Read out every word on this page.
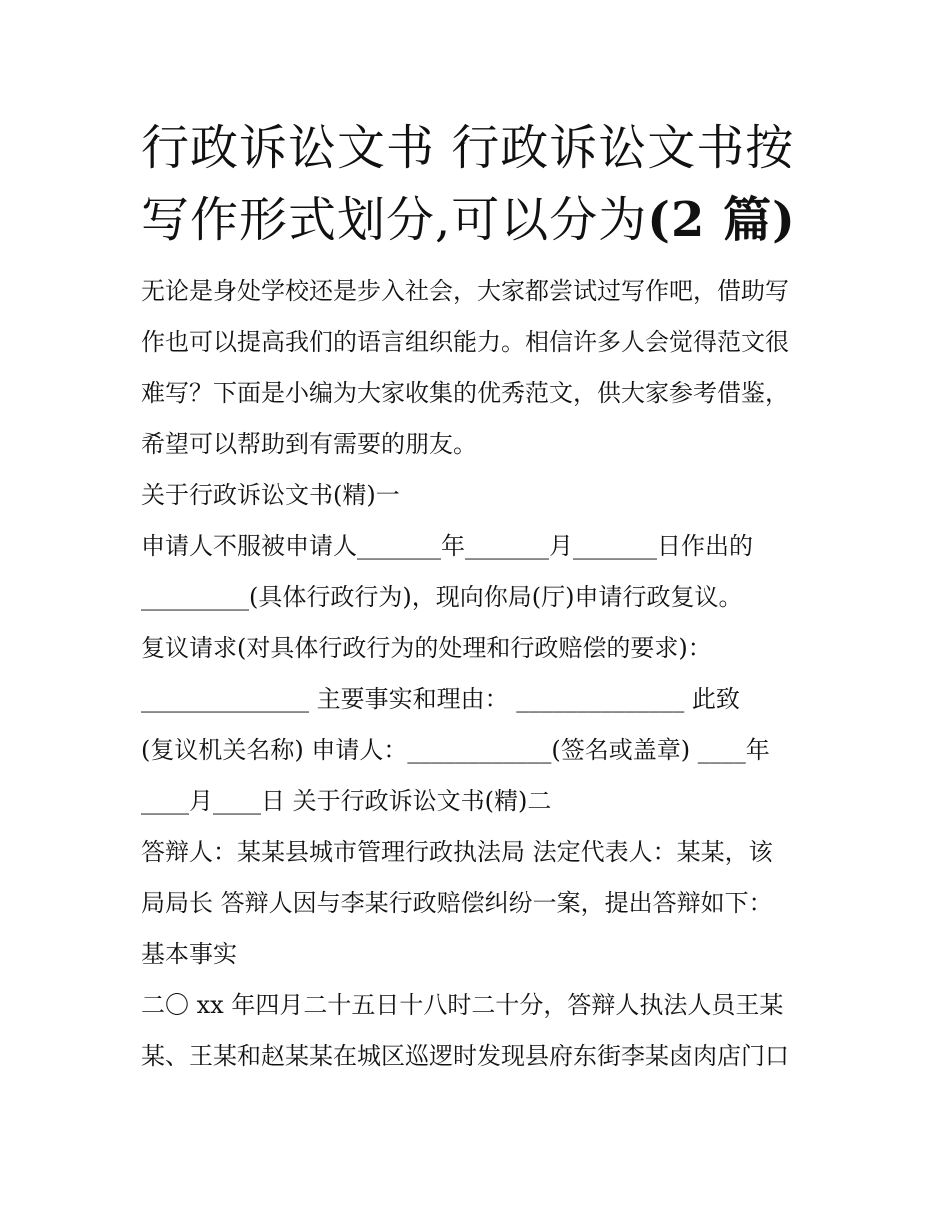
行政诉讼文书 行政诉讼文书按
写作形式划分,可以分为(2 篇)
无论是身处学校还是步入社会，大家都尝试过写作吧，借助写
作也可以提高我们的语言组织能力。相信许多人会觉得范文很
难写？下面是小编为大家收集的优秀范文，供大家参考借鉴，
希望可以帮助到有需要的朋友。
关于行政诉讼文书(精)一
申请人不服被申请人_______年_______月_______日作出的
_________(具体行政行为)，现向你局(厅)申请行政复议。
复议请求(对具体行政行为的处理和行政赔偿的要求)：
______________ 主要事实和理由： ______________ 此致
(复议机关名称) 申请人：____________(签名或盖章) ____年
____月____日 关于行政诉讼文书(精)二
答辩人：某某县城市管理行政执法局 法定代表人：某某，该
局局长 答辩人因与李某行政赔偿纠纷一案，提出答辩如下：
基本事实
二〇 xx 年四月二十五日十八时二十分，答辩人执法人员王某
某、王某和赵某某在城区巡逻时发现县府东街李某卤肉店门口
